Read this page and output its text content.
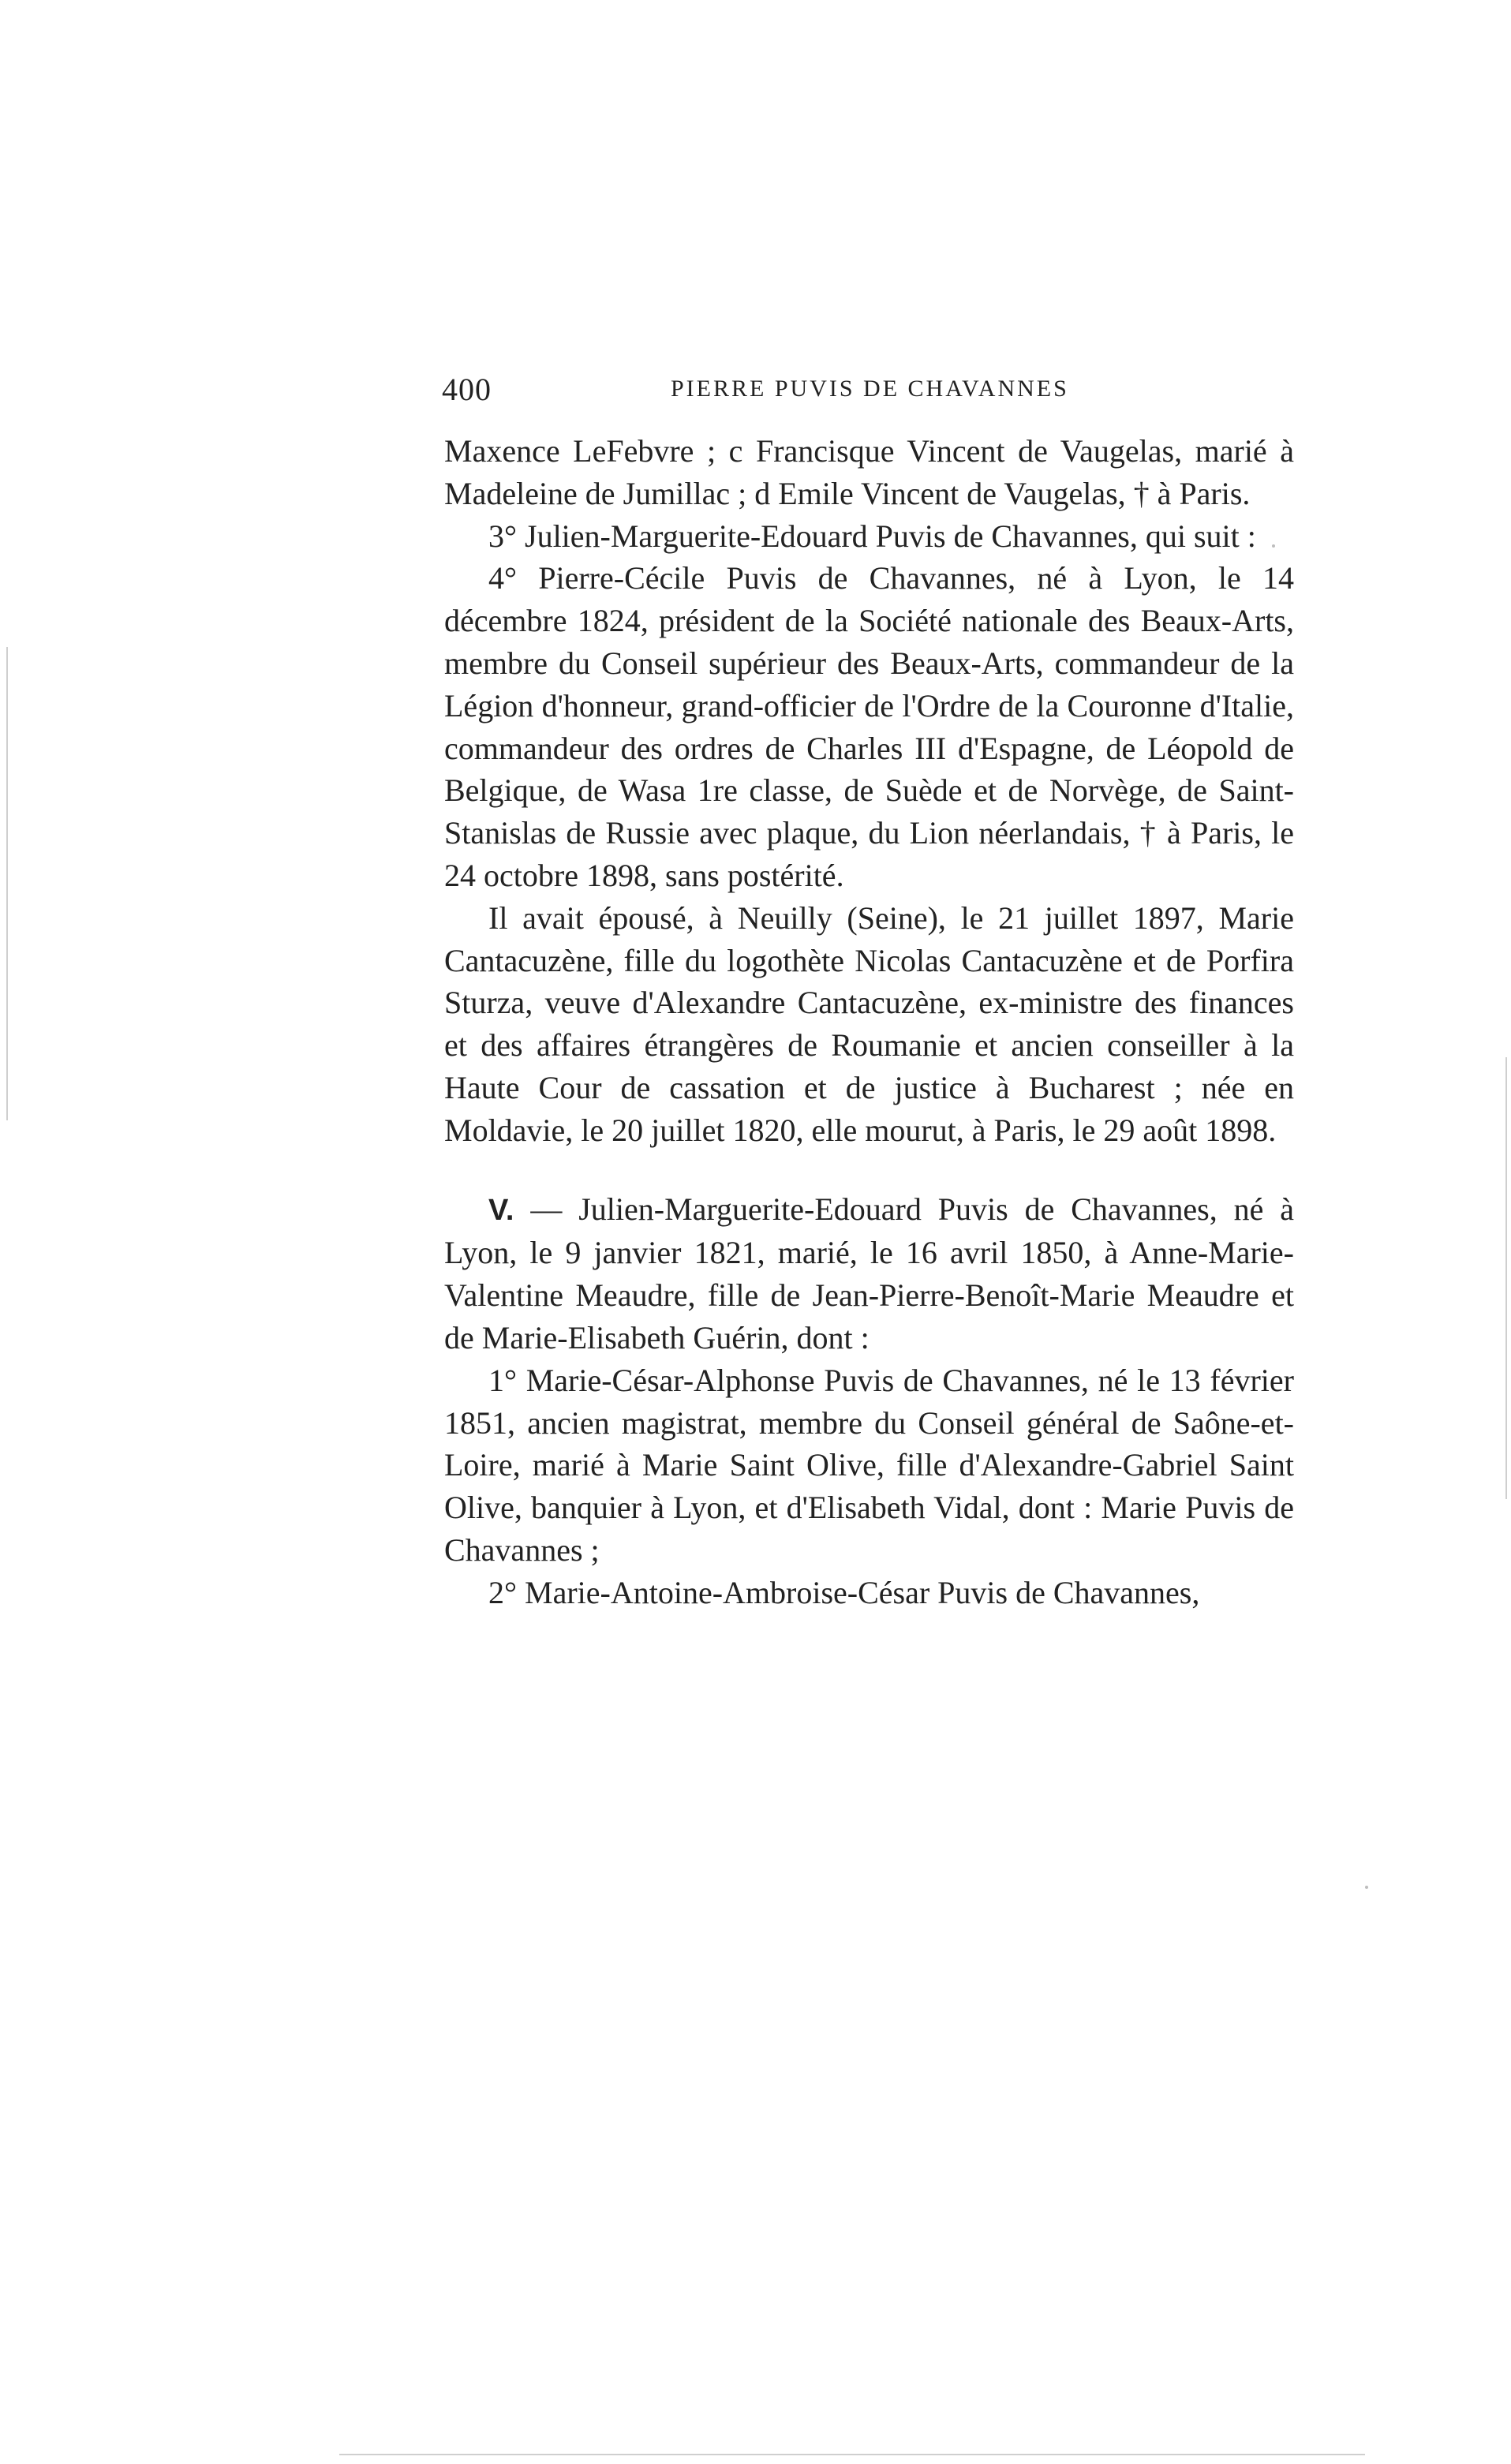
400	PIERRE PUVIS DE CHAVANNES

Maxence LeFebvre ; c Francisque Vincent de Vaugelas, marié à Madeleine de Jumillac ; d Emile Vincent de Vaugelas, † à Paris.

3° Julien-Marguerite-Edouard Puvis de Chavannes, qui suit :

4° Pierre-Cécile Puvis de Chavannes, né à Lyon, le 14 décembre 1824, président de la Société nationale des Beaux-Arts, membre du Conseil supérieur des Beaux-Arts, commandeur de la Légion d'honneur, grand-officier de l'Ordre de la Couronne d'Italie, commandeur des ordres de Charles III d'Espagne, de Léopold de Belgique, de Wasa 1re classe, de Suède et de Norvège, de Saint-Stanislas de Russie avec plaque, du Lion néerlandais, † à Paris, le 24 octobre 1898, sans postérité.

Il avait épousé, à Neuilly (Seine), le 21 juillet 1897, Marie Cantacuzène, fille du logothète Nicolas Cantacuzène et de Porfira Sturza, veuve d'Alexandre Cantacuzène, ex-ministre des finances et des affaires étrangères de Roumanie et ancien conseiller à la Haute Cour de cassation et de justice à Bucharest ; née en Moldavie, le 20 juillet 1820, elle mourut, à Paris, le 29 août 1898.

V. — Julien-Marguerite-Edouard Puvis de Chavannes, né à Lyon, le 9 janvier 1821, marié, le 16 avril 1850, à Anne-Marie-Valentine Meaudre, fille de Jean-Pierre-Benoît-Marie Meaudre et de Marie-Elisabeth Guérin, dont :

1° Marie-César-Alphonse Puvis de Chavannes, né le 13 février 1851, ancien magistrat, membre du Conseil général de Saône-et-Loire, marié à Marie Saint Olive, fille d'Alexandre-Gabriel Saint Olive, banquier à Lyon, et d'Elisabeth Vidal, dont : Marie Puvis de Chavannes ;

2° Marie-Antoine-Ambroise-César Puvis de Chavannes,
